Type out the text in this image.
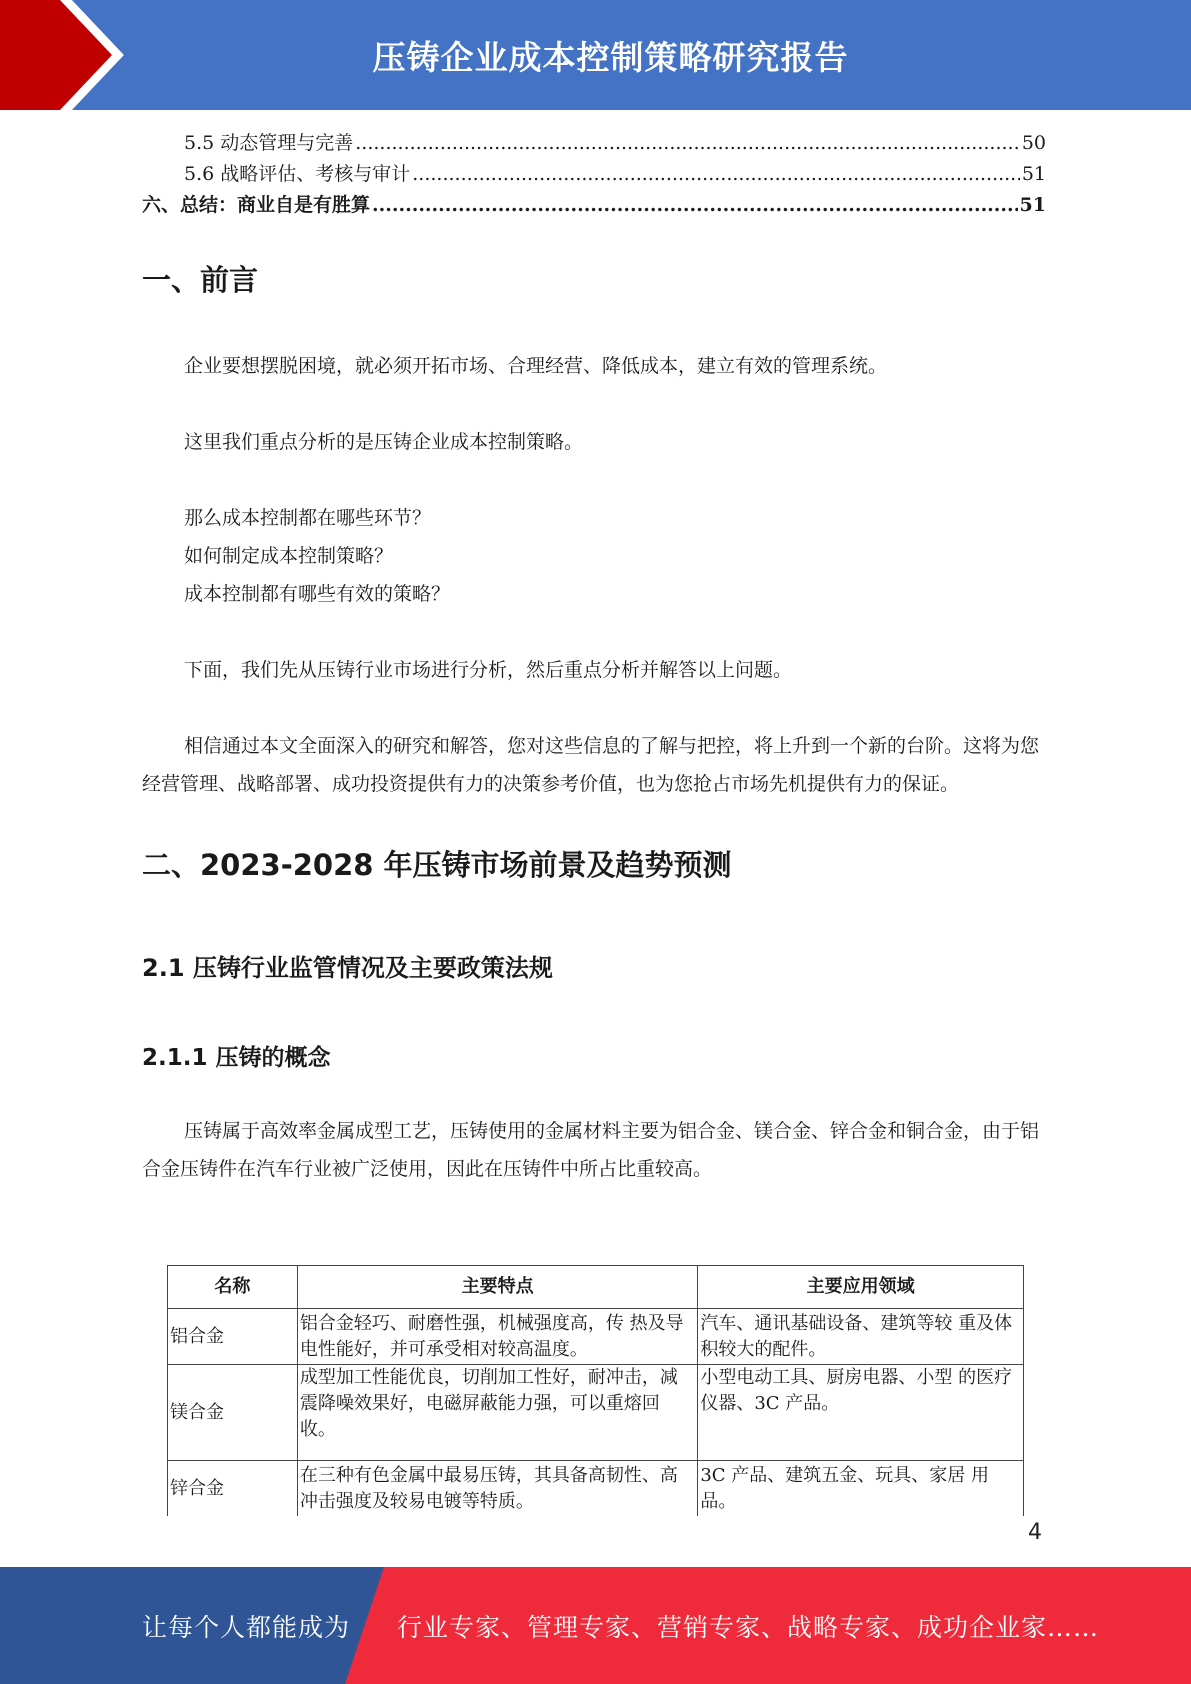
压铸企业成本控制策略研究报告
5.5 动态管理与完善 .....	50
5.6 战略评估、考核与审计 .....	51
六、总结：商业自是有胜算 .....	51
一、前言

企业要想摆脱困境，就必须开拓市场、合理经营、降低成本，建立有效的管理系统。

这里我们重点分析的是压铸企业成本控制策略。

那么成本控制都在哪些环节？

如何制定成本控制策略？

成本控制都有哪些有效的策略？

下面，我们先从压铸行业市场进行分析，然后重点分析并解答以上问题。

相信通过本文全面深入的研究和解答，您对这些信息的了解与把控，将上升到一个新的台阶。这将为您经营管理、战略部署、成功投资提供有力的决策参考价值，也为您抢占市场先机提供有力的保证。

二、2023-2028 年压铸市场前景及趋势预测
2.1 压铸行业监管情况及主要政策法规
2.1.1 压铸的概念

压铸属于高效率金属成型工艺，压铸使用的金属材料主要为铝合金、镁合金、锌合金和铜合金，由于铝合金压铸件在汽车行业被广泛使用，因此在压铸件中所占比重较高。

名称	主要特点	主要应用领域
铝合金	铝合金轻巧、耐磨性强，机械强度高，传 热及导电性能好，并可承受相对较高温度。	汽车、通讯基础设备、建筑等较 重及体积较大的配件。
镁合金	成型加工性能优良，切削加工性好，耐冲击，减震降噪效果好，电磁屏蔽能力强，可以重熔回收。	小型电动工具、厨房电器、小型 的医疗仪器、3C 产品。
锌合金	在三种有色金属中最易压铸，其具备高韧性、高冲击强度及较易电镀等特质。	3C 产品、建筑五金、玩具、家居 用品。
4
让每个人都能成为 行业专家、管理专家、营销专家、战略专家、成功企业家……
